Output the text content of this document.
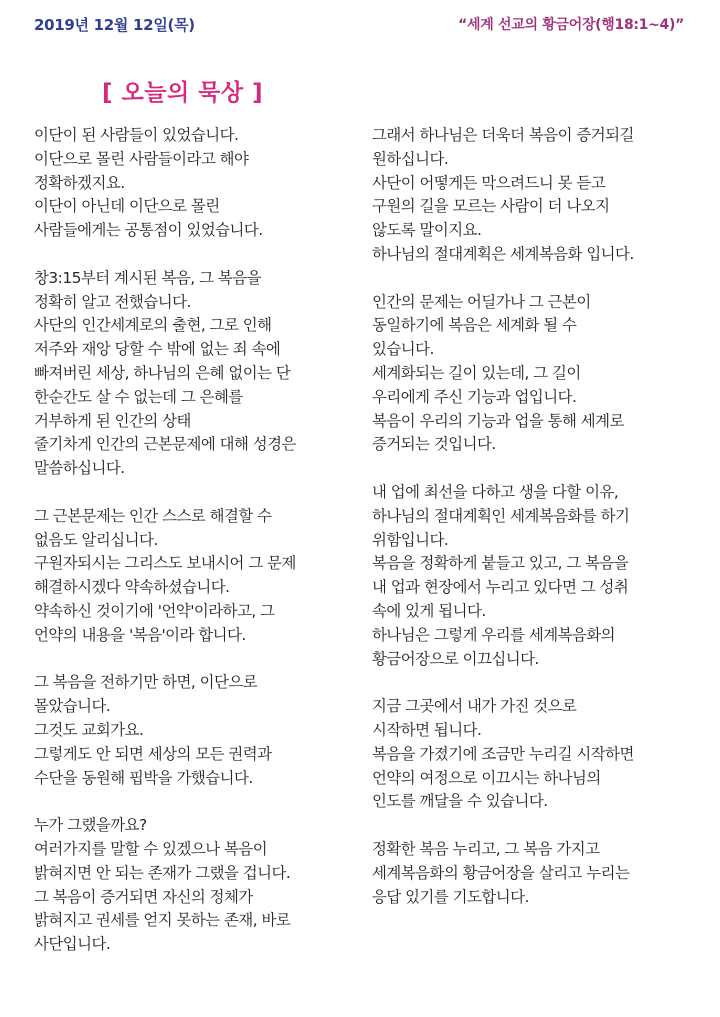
2019년 12월 12일(목)	“세계 선교의 황금어장(행18:1~4)”
[ 오늘의 묵상 ]

이단이 된 사람들이 있었습니다.
이단으로 몰린 사람들이라고 해야
정확하겠지요.
이단이 아닌데 이단으로 몰린
사람들에게는 공통점이 있었습니다.

창3:15부터 계시된 복음, 그 복음을
정확히 알고 전했습니다.
사단의 인간세계로의 출현, 그로 인해
저주와 재앙 당할 수 밖에 없는 죄 속에
빠져버린 세상, 하나님의 은혜 없이는 단
한순간도 살 수 없는데 그 은혜를
거부하게 된 인간의 상태
줄기차게 인간의 근본문제에 대해 성경은
말씀하십니다.

그 근본문제는 인간 스스로 해결할 수
없음도 알리십니다.
구원자되시는 그리스도 보내시어 그 문제
해결하시겠다 약속하셨습니다.
약속하신 것이기에 '언약'이라하고, 그
언약의 내용을 '복음'이라 합니다.

그 복음을 전하기만 하면, 이단으로
몰았습니다.
그것도 교회가요.
그렇게도 안 되면 세상의 모든 권력과
수단을 동원해 핍박을 가했습니다.

누가 그랬을까요?
여러가지를 말할 수 있겠으나 복음이
밝혀지면 안 되는 존재가 그랬을 겁니다.
그 복음이 증거되면 자신의 정체가
밝혀지고 권세를 얻지 못하는 존재, 바로
사단입니다.

그래서 하나님은 더욱더 복음이 증거되길
원하십니다.
사단이 어떻게든 막으려드니 못 듣고
구원의 길을 모르는 사람이 더 나오지
않도록 말이지요.
하나님의 절대계획은 세계복음화 입니다.

인간의 문제는 어딜가나 그 근본이
동일하기에 복음은 세계화 될 수
있습니다.
세계화되는 길이 있는데, 그 길이
우리에게 주신 기능과 업입니다.
복음이 우리의 기능과 업을 통해 세계로
증거되는 것입니다.

내 업에 최선을 다하고 생을 다할 이유,
하나님의 절대계획인 세계복음화를 하기
위함입니다.
복음을 정확하게 붙들고 있고, 그 복음을
내 업과 현장에서 누리고 있다면 그 성취
속에 있게 됩니다.
하나님은 그렇게 우리를 세계복음화의
황금어장으로 이끄십니다.

지금 그곳에서 내가 가진 것으로
시작하면 됩니다.
복음을 가졌기에 조금만 누리길 시작하면
언약의 여정으로 이끄시는 하나님의
인도를 깨달을 수 있습니다.

정확한 복음 누리고, 그 복음 가지고
세계복음화의 황금어장을 살리고 누리는
응답 있기를 기도합니다.
